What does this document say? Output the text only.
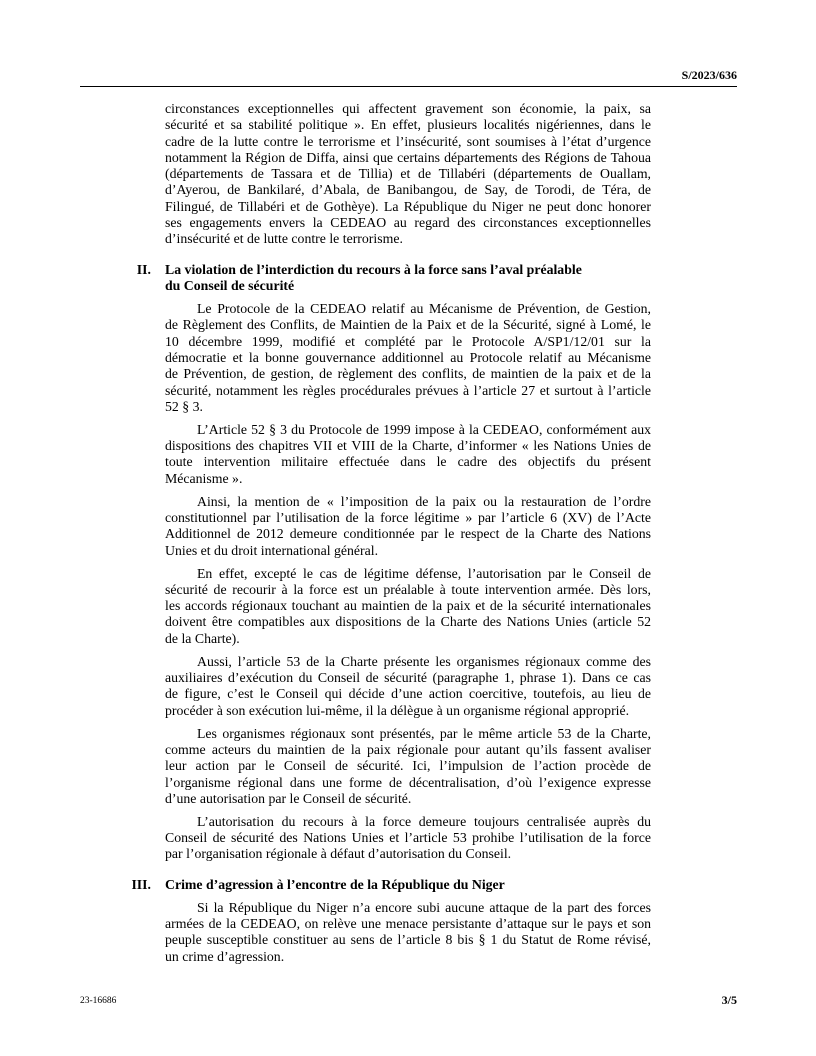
S/2023/636
circonstances exceptionnelles qui affectent gravement son économie, la paix, sa
sécurité et sa stabilité politique ». En effet, plusieurs localités nigériennes, dans le
cadre de la lutte contre le terrorisme et l’insécurité, sont soumises à l’état d’urgence
notamment la Région de Diffa, ainsi que certains départements des Régions de Tahoua
(départements de Tassara et de Tillia) et de Tillabéri (départements de Ouallam,
d’Ayerou, de Bankilaré, d’Abala, de Banibangou, de Say, de Torodi, de Téra, de
Filingué, de Tillabéri et de Gothèye). La République du Niger ne peut donc honorer
ses engagements envers la CEDEAO au regard des circonstances exceptionnelles
d’insécurité et de lutte contre le terrorisme.
II. La violation de l’interdiction du recours à la force sans l’aval préalable
du Conseil de sécurité
Le Protocole de la CEDEAO relatif au Mécanisme de Prévention, de Gestion,
de Règlement des Conflits, de Maintien de la Paix et de la Sécurité, signé à Lomé, le
10 décembre 1999, modifié et complété par le Protocole A/SP1/12/01 sur la
démocratie et la bonne gouvernance additionnel au Protocole relatif au Mécanisme
de Prévention, de gestion, de règlement des conflits, de maintien de la paix et de la
sécurité, notamment les règles procédurales prévues à l’article 27 et surtout à l’article
52 § 3.
L’Article 52 § 3 du Protocole de 1999 impose à la CEDEAO, conformément aux
dispositions des chapitres VII et VIII de la Charte, d’informer « les Nations Unies de
toute intervention militaire effectuée dans le cadre des objectifs du présent
Mécanisme ».
Ainsi, la mention de « l’imposition de la paix ou la restauration de l’ordre
constitutionnel par l’utilisation de la force légitime » par l’article 6 (XV) de l’Acte
Additionnel de 2012 demeure conditionnée par le respect de la Charte des Nations
Unies et du droit international général.
En effet, excepté le cas de légitime défense, l’autorisation par le Conseil de
sécurité de recourir à la force est un préalable à toute intervention armée. Dès lors,
les accords régionaux touchant au maintien de la paix et de la sécurité internationales
doivent être compatibles aux dispositions de la Charte des Nations Unies (article 52
de la Charte).
Aussi, l’article 53 de la Charte présente les organismes régionaux comme des
auxiliaires d’exécution du Conseil de sécurité (paragraphe 1, phrase 1). Dans ce cas
de figure, c’est le Conseil qui décide d’une action coercitive, toutefois, au lieu de
procéder à son exécution lui-même, il la délègue à un organisme régional approprié.
Les organismes régionaux sont présentés, par le même article 53 de la Charte,
comme acteurs du maintien de la paix régionale pour autant qu’ils fassent avaliser
leur action par le Conseil de sécurité. Ici, l’impulsion de l’action procède de
l’organisme régional dans une forme de décentralisation, d’où l’exigence expresse
d’une autorisation par le Conseil de sécurité.
L’autorisation du recours à la force demeure toujours centralisée auprès du
Conseil de sécurité des Nations Unies et l’article 53 prohibe l’utilisation de la force
par l’organisation régionale à défaut d’autorisation du Conseil.
III. Crime d’agression à l’encontre de la République du Niger
Si la République du Niger n’a encore subi aucune attaque de la part des forces
armées de la CEDEAO, on relève une menace persistante d’attaque sur le pays et son
peuple susceptible constituer au sens de l’article 8 bis § 1 du Statut de Rome révisé,
un crime d’agression.
23-16686	3/5
